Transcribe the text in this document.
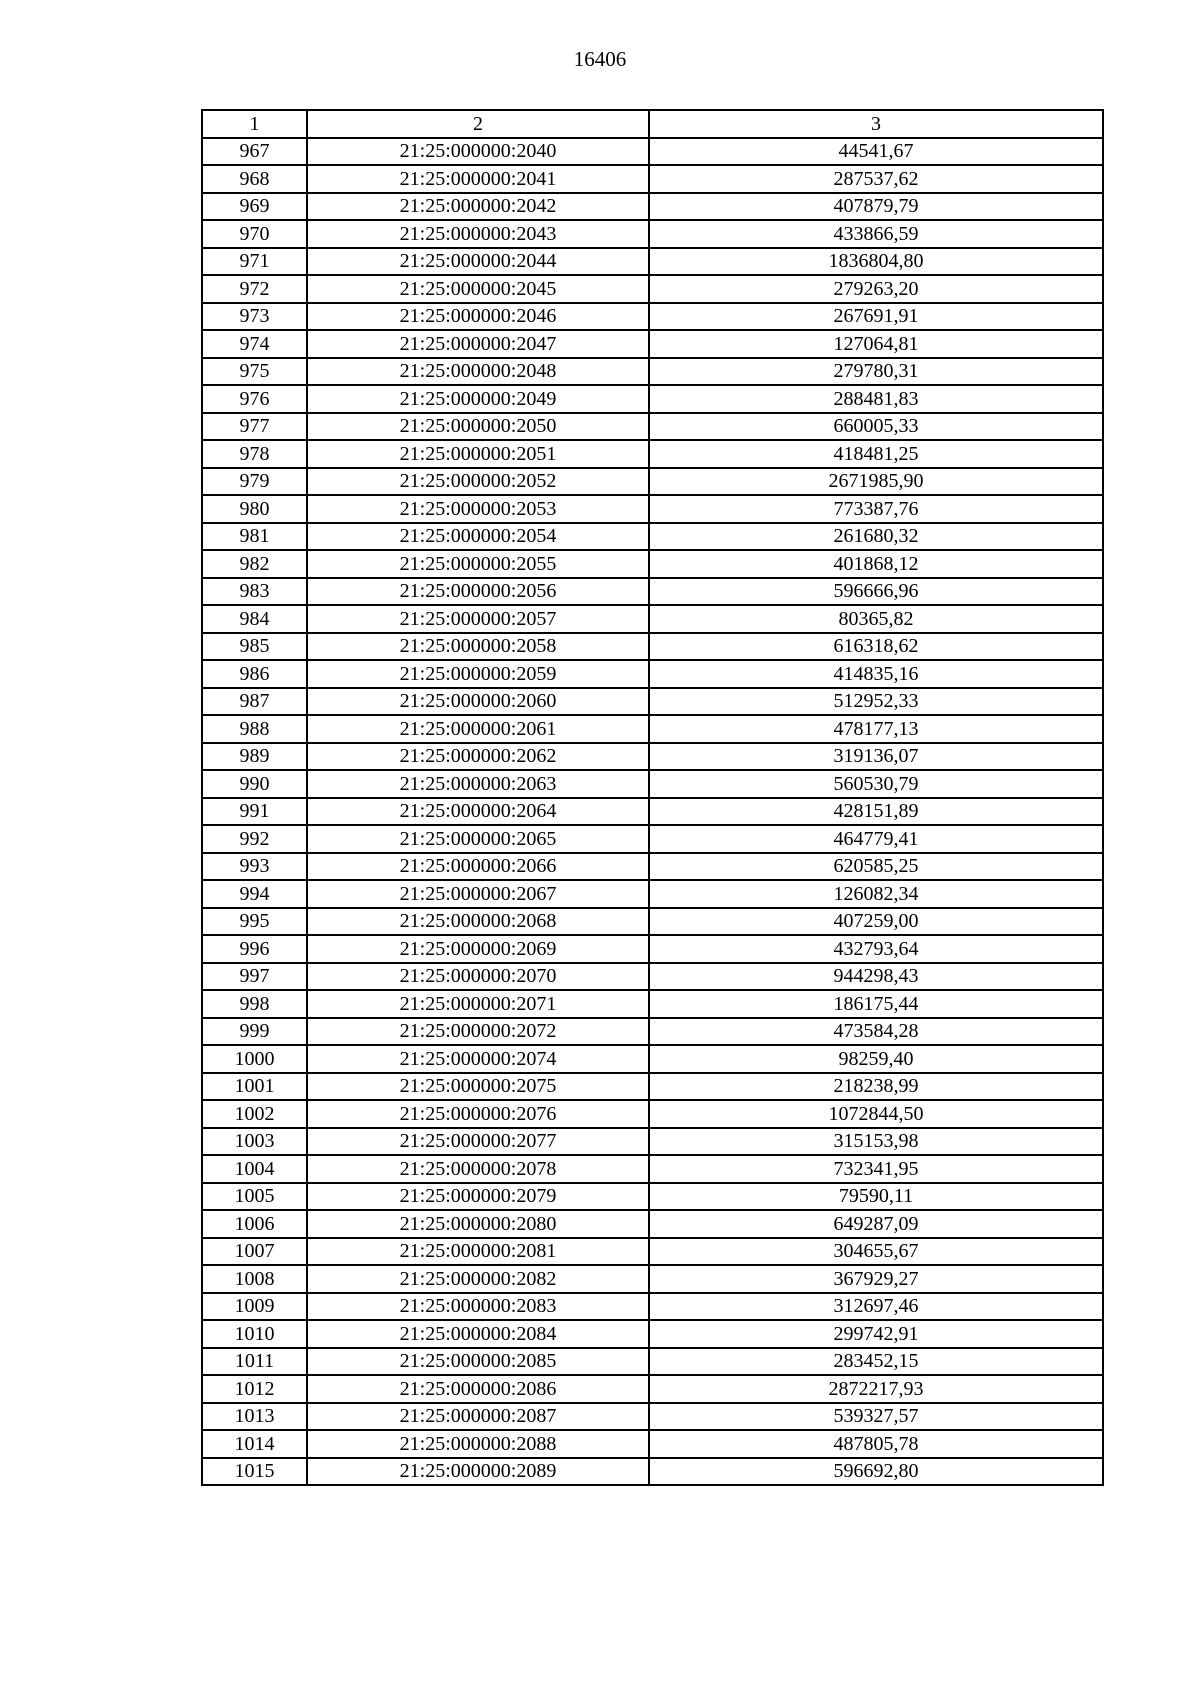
16406
1	2	3
967	21:25:000000:2040	44541,67
968	21:25:000000:2041	287537,62
969	21:25:000000:2042	407879,79
970	21:25:000000:2043	433866,59
971	21:25:000000:2044	1836804,80
972	21:25:000000:2045	279263,20
973	21:25:000000:2046	267691,91
974	21:25:000000:2047	127064,81
975	21:25:000000:2048	279780,31
976	21:25:000000:2049	288481,83
977	21:25:000000:2050	660005,33
978	21:25:000000:2051	418481,25
979	21:25:000000:2052	2671985,90
980	21:25:000000:2053	773387,76
981	21:25:000000:2054	261680,32
982	21:25:000000:2055	401868,12
983	21:25:000000:2056	596666,96
984	21:25:000000:2057	80365,82
985	21:25:000000:2058	616318,62
986	21:25:000000:2059	414835,16
987	21:25:000000:2060	512952,33
988	21:25:000000:2061	478177,13
989	21:25:000000:2062	319136,07
990	21:25:000000:2063	560530,79
991	21:25:000000:2064	428151,89
992	21:25:000000:2065	464779,41
993	21:25:000000:2066	620585,25
994	21:25:000000:2067	126082,34
995	21:25:000000:2068	407259,00
996	21:25:000000:2069	432793,64
997	21:25:000000:2070	944298,43
998	21:25:000000:2071	186175,44
999	21:25:000000:2072	473584,28
1000	21:25:000000:2074	98259,40
1001	21:25:000000:2075	218238,99
1002	21:25:000000:2076	1072844,50
1003	21:25:000000:2077	315153,98
1004	21:25:000000:2078	732341,95
1005	21:25:000000:2079	79590,11
1006	21:25:000000:2080	649287,09
1007	21:25:000000:2081	304655,67
1008	21:25:000000:2082	367929,27
1009	21:25:000000:2083	312697,46
1010	21:25:000000:2084	299742,91
1011	21:25:000000:2085	283452,15
1012	21:25:000000:2086	2872217,93
1013	21:25:000000:2087	539327,57
1014	21:25:000000:2088	487805,78
1015	21:25:000000:2089	596692,80
